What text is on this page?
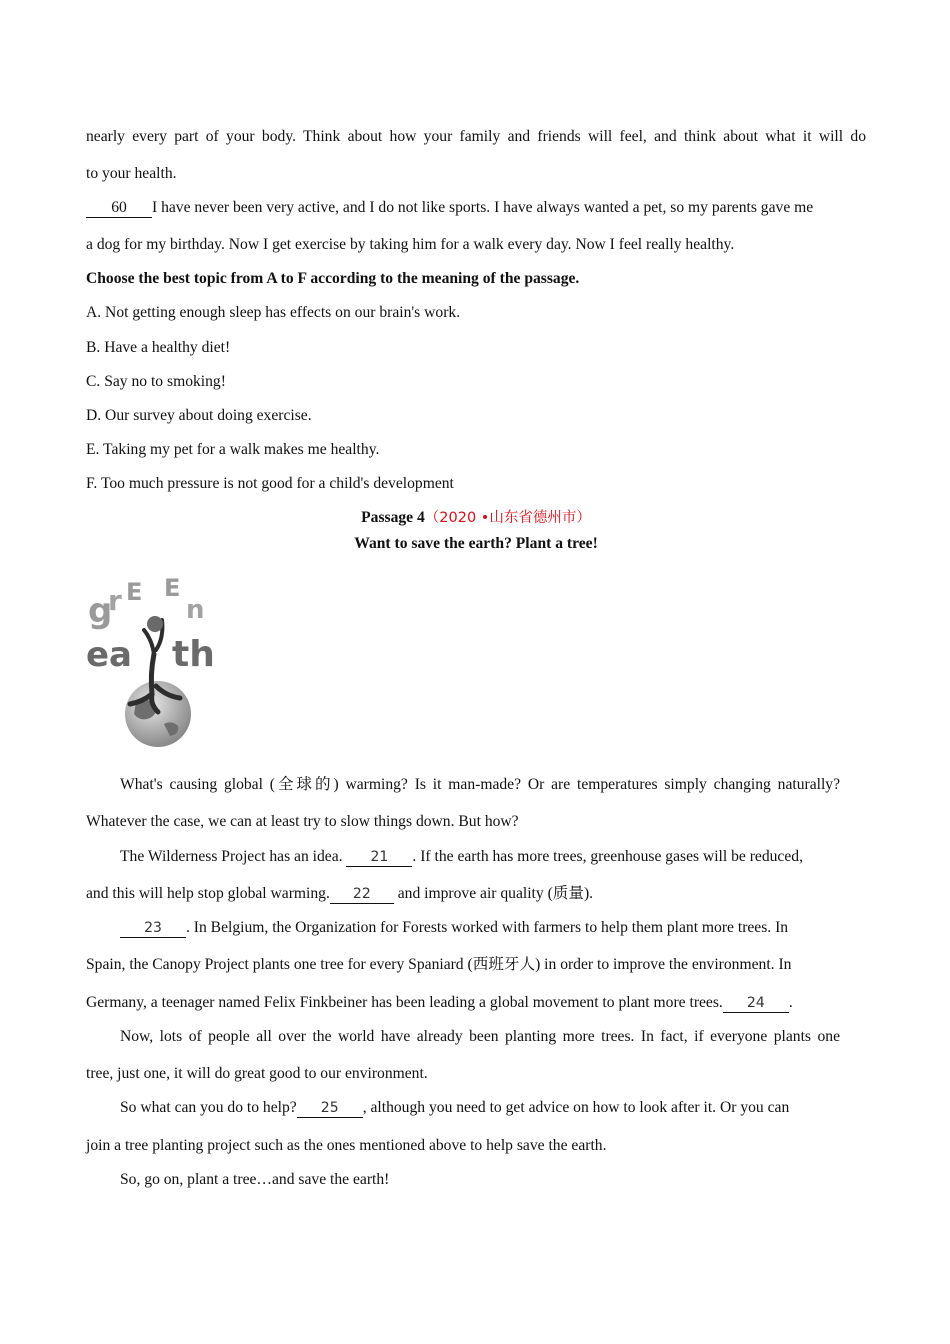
nearly every part of your body. Think about how your family and friends will feel, and think about what it will do
to your health.
60 I have never been very active, and I do not like sports. I have always wanted a pet, so my parents gave me
a dog for my birthday. Now I get exercise by taking him for a walk every day. Now I feel really healthy.
Choose the best topic from A to F according to the meaning of the passage.
A. Not getting enough sleep has effects on our brain's work.
B. Have a healthy diet!
C. Say no to smoking!
D. Our survey about doing exercise.
E. Taking my pet for a walk makes me healthy.
F. Too much pressure is not good for a child's development
Passage 4（2020 •山东省德州市）
Want to save the earth? Plant a tree!
What's causing global (全球的) warming? Is it man-made? Or are temperatures simply changing naturally?
Whatever the case, we can at least try to slow things down. But how?
The Wilderness Project has an idea. 21 . If the earth has more trees, greenhouse gases will be reduced,
and this will help stop global warming. 22 and improve air quality (质量).
23 . In Belgium, the Organization for Forests worked with farmers to help them plant more trees. In
Spain, the Canopy Project plants one tree for every Spaniard (西班牙人) in order to improve the environment. In
Germany, a teenager named Felix Finkbeiner has been leading a global movement to plant more trees. 24 .
Now, lots of people all over the world have already been planting more trees. In fact, if everyone plants one
tree, just one, it will do great good to our environment.
So what can you do to help? 25 , although you need to get advice on how to look after it. Or you can
join a tree planting project such as the ones mentioned above to help save the earth.
So, go on, plant a tree…and save the earth!
g
r E E
n
ea th
